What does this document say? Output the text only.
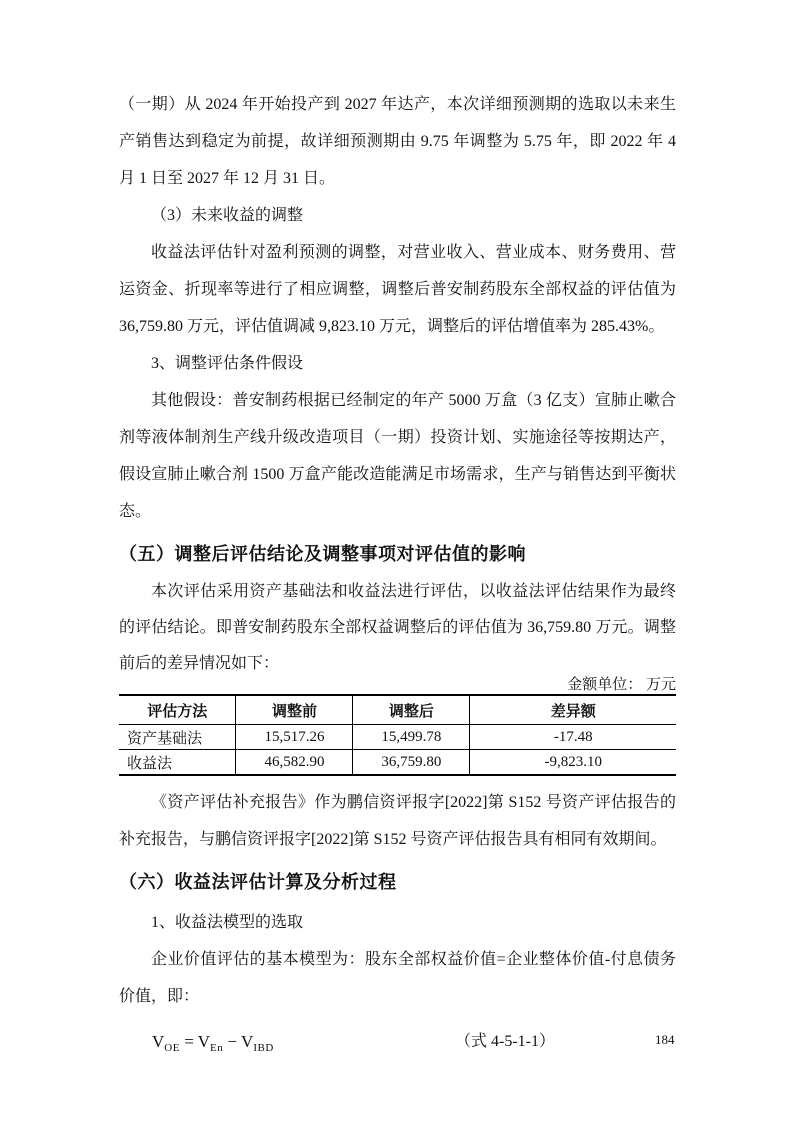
（一期）从 2024 年开始投产到 2027 年达产，本次详细预测期的选取以未来生产销售达到稳定为前提，故详细预测期由 9.75 年调整为 5.75 年，即 2022 年 4 月 1 日至 2027 年 12 月 31 日。

（3）未来收益的调整

收益法评估针对盈利预测的调整，对营业收入、营业成本、财务费用、营运资金、折现率等进行了相应调整，调整后普安制药股东全部权益的评估值为 36,759.80 万元，评估值调减 9,823.10 万元，调整后的评估增值率为 285.43%。

3、调整评估条件假设

其他假设：普安制药根据已经制定的年产 5000 万盒（3 亿支）宣肺止嗽合剂等液体制剂生产线升级改造项目（一期）投资计划、实施途径等按期达产，假设宣肺止嗽合剂 1500 万盒产能改造能满足市场需求，生产与销售达到平衡状态。

（五）调整后评估结论及调整事项对评估值的影响

本次评估采用资产基础法和收益法进行评估，以收益法评估结果作为最终的评估结论。即普安制药股东全部权益调整后的评估值为 36,759.80 万元。调整前后的差异情况如下：

金额单位： 万元
评估方法	调整前	调整后	差异额
资产基础法	15,517.26	15,499.78	-17.48
收益法	46,582.90	36,759.80	-9,823.10

《资产评估补充报告》作为鹏信资评报字[2022]第 S152 号资产评估报告的补充报告，与鹏信资评报字[2022]第 S152 号资产评估报告具有相同有效期间。

（六）收益法评估计算及分析过程

1、收益法模型的选取

企业价值评估的基本模型为：股东全部权益价值=企业整体价值-付息债务价值，即：

$V_{OE} = V_{En} - V_{IBD}$	（式 4-5-1-1）	184
